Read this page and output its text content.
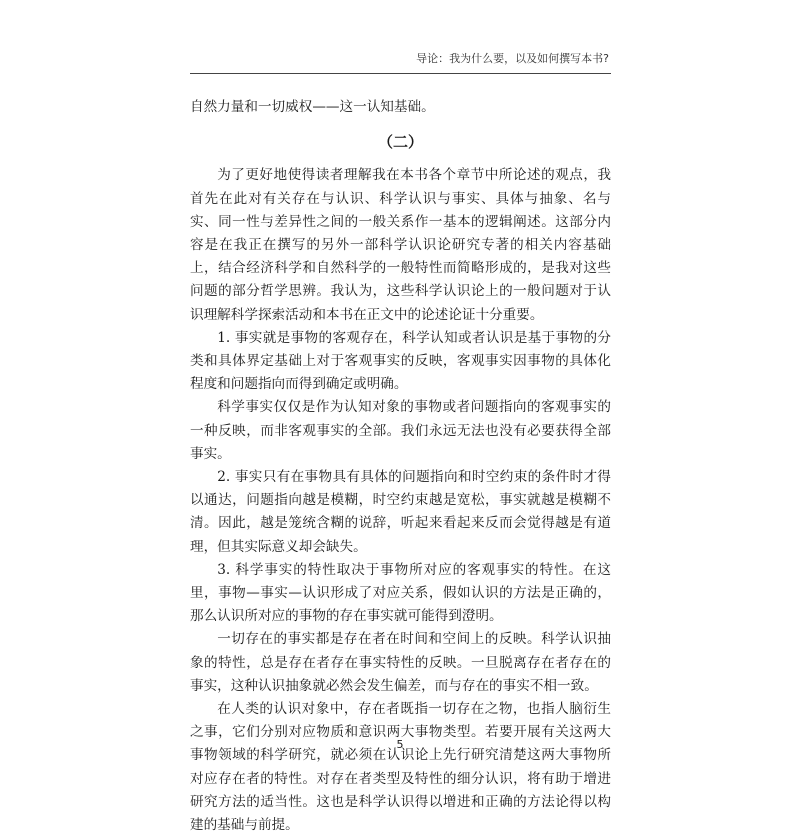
导论：我为什么要，以及如何撰写本书?

自然力量和一切威权——这一认知基础。

（二）

为了更好地使得读者理解我在本书各个章节中所论述的观点，我首先在此对有关存在与认识、科学认识与事实、具体与抽象、名与实、同一性与差异性之间的一般关系作一基本的逻辑阐述。这部分内容是在我正在撰写的另外一部科学认识论研究专著的相关内容基础上，结合经济科学和自然科学的一般特性而简略形成的，是我对这些问题的部分哲学思辨。我认为，这些科学认识论上的一般问题对于认识理解科学探索活动和本书在正文中的论述论证十分重要。

1. 事实就是事物的客观存在，科学认知或者认识是基于事物的分类和具体界定基础上对于客观事实的反映，客观事实因事物的具体化程度和问题指向而得到确定或明确。

科学事实仅仅是作为认知对象的事物或者问题指向的客观事实的一种反映，而非客观事实的全部。我们永远无法也没有必要获得全部事实。

2. 事实只有在事物具有具体的问题指向和时空约束的条件时才得以通达，问题指向越是模糊，时空约束越是宽松，事实就越是模糊不清。因此，越是笼统含糊的说辞，听起来看起来反而会觉得越是有道理，但其实际意义却会缺失。

3. 科学事实的特性取决于事物所对应的客观事实的特性。在这里，事物—事实—认识形成了对应关系，假如认识的方法是正确的，那么认识所对应的事物的存在事实就可能得到澄明。

一切存在的事实都是存在者在时间和空间上的反映。科学认识抽象的特性，总是存在者存在事实特性的反映。一旦脱离存在者存在的事实，这种认识抽象就必然会发生偏差，而与存在的事实不相一致。

在人类的认识对象中，存在者既指一切存在之物，也指人脑衍生之事，它们分别对应物质和意识两大事物类型。若要开展有关这两大事物领域的科学研究，就必须在认识论上先行研究清楚这两大事物所对应存在者的特性。对存在者类型及特性的细分认识，将有助于增进研究方法的适当性。这也是科学认识得以增进和正确的方法论得以构建的基础与前提。

5
